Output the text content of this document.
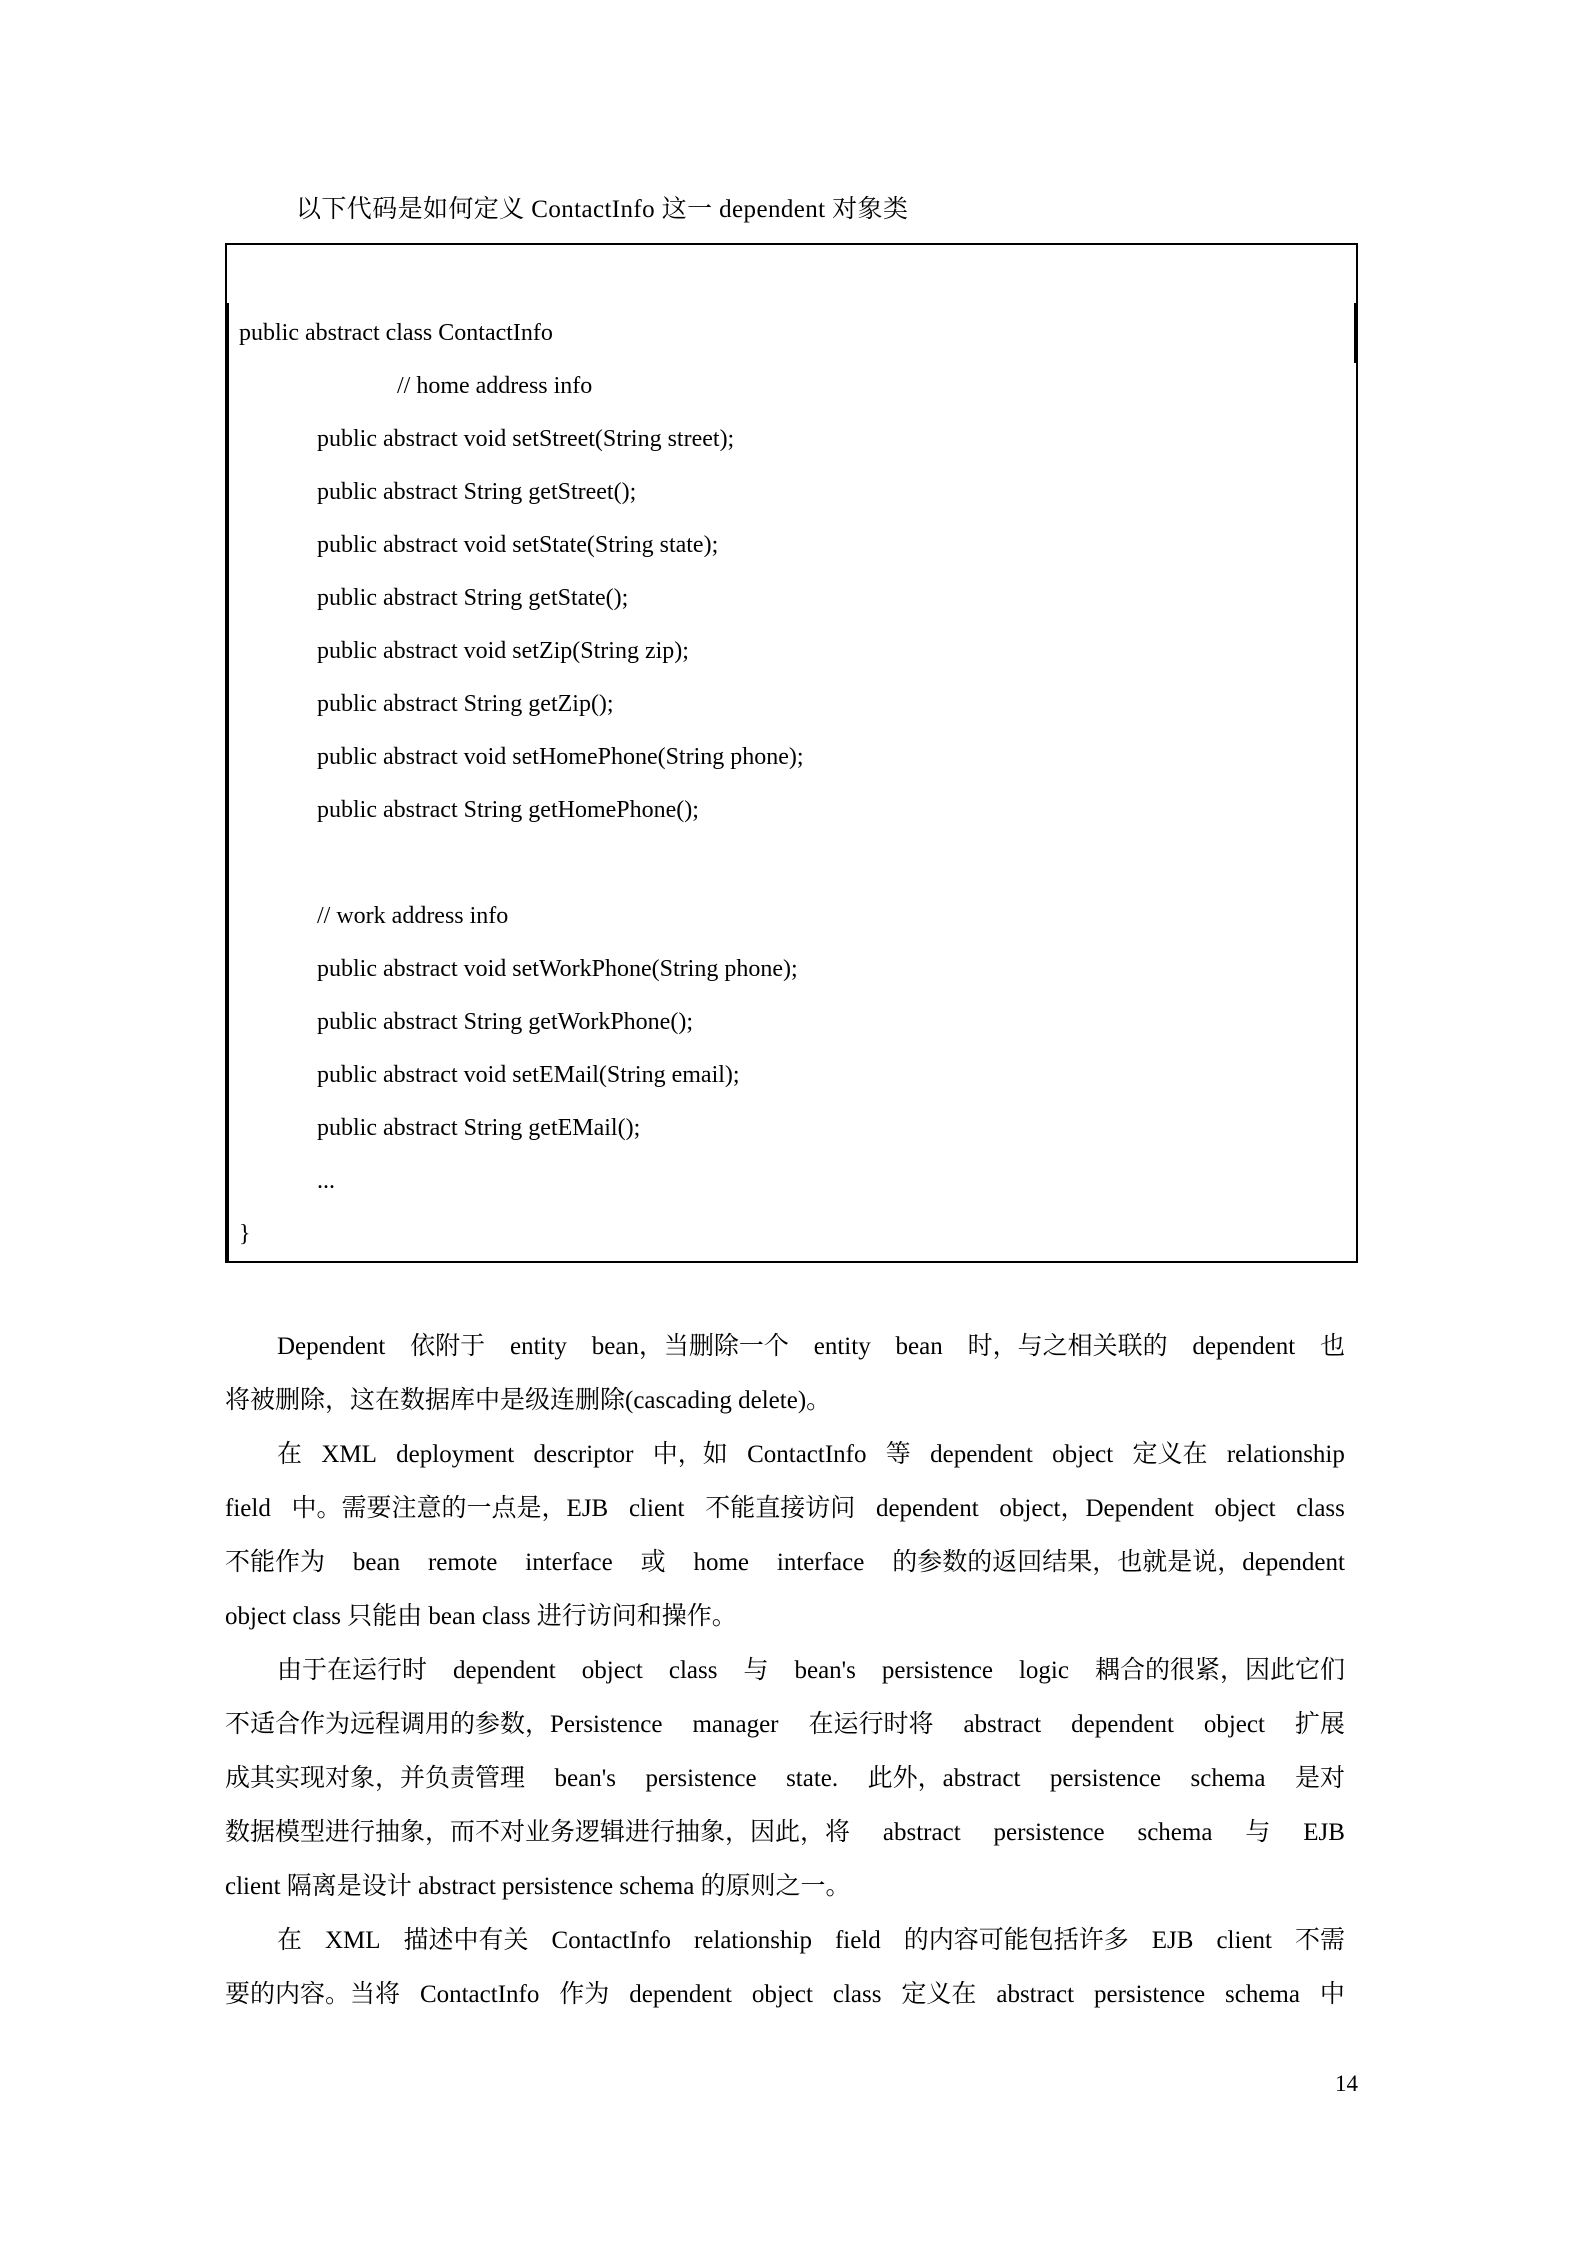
以下代码是如何定义 ContactInfo 这一 dependent 对象类
public abstract class ContactInfo
// home address info
public abstract void setStreet(String street);
public abstract String getStreet();
public abstract void setState(String state);
public abstract String getState();
public abstract void setZip(String zip);
public abstract String getZip();
public abstract void setHomePhone(String phone);
public abstract String getHomePhone();
// work address info
public abstract void setWorkPhone(String phone);
public abstract String getWorkPhone();
public abstract void setEMail(String email);
public abstract String getEMail();
...
}
Dependent 依附于 entity bean，当删除一个 entity bean 时，与之相关联的 dependent 也
将被删除，这在数据库中是级连删除(cascading delete)。
在 XML deployment descriptor 中，如 ContactInfo 等 dependent object 定义在 relationship
field 中。需要注意的一点是，EJB client 不能直接访问 dependent object，Dependent object class
不能作为 bean remote interface 或 home interface 的参数的返回结果，也就是说，dependent
object class 只能由 bean class 进行访问和操作。
由于在运行时 dependent object class 与 bean's persistence logic 耦合的很紧，因此它们
不适合作为远程调用的参数，Persistence manager 在运行时将 abstract dependent object 扩展
成其实现对象，并负责管理 bean's persistence state. 此外，abstract persistence schema 是对
数据模型进行抽象，而不对业务逻辑进行抽象，因此，将 abstract persistence schema 与 EJB
client 隔离是设计 abstract persistence schema 的原则之一。
在 XML 描述中有关 ContactInfo relationship field 的内容可能包括许多 EJB client 不需
要的内容。当将 ContactInfo 作为 dependent object class 定义在 abstract persistence schema 中
14
